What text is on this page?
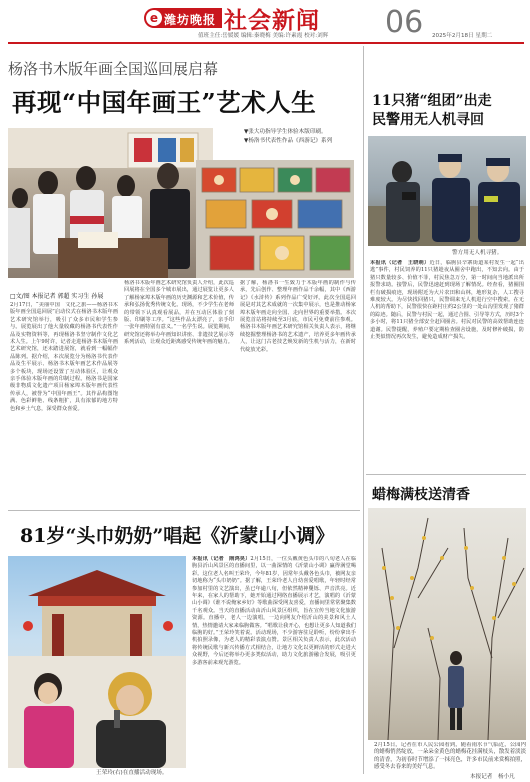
e 潍坊晚报 社会新闻 06
值班主任:岳媛媛 编辑:秦晓梅 美编:许素霞 校对:刘辉	2025年2月18日 星期二
杨洛书木版年画全国巡回展启幕
再现“中国年画王”艺术人生
▼张大功指导学生体验木版印刷。
▼杨洛书代表性作品《西游记》系列
□文/图 本报记者 郭超 实习生 孙展
2月17日，“美丽中国　文化之旅——杨洛书木版年画全国巡回展”启动仪式在杨洛书木版年画艺术研究馆举行，吸引了众多市民和学生参与。展览展出了他大量收藏的杨洛书代表性作品及实物资料等，再现杨洛书坚守制作文化艺术人生。上午9时许，记者走进杨洛书木版年画艺术研究馆，还未踏进展馆，就看到一幅幅作品陈列。据介绍，本次展览分为杨洛书代表作品及生平展示、杨洛书木版年画艺术作品展等多个板块，现场还设置了互动体验区，让观众亲手体验木版年画的印制过程。杨洛书是国家级非物质文化遗产项目杨家埠木版年画代表性传承人，被誉为“中国年画王”。其作品构图饱满、色彩鲜艳、线条粗犷，具有浓郁的地方特色和乡土气息，深受群众喜爱。
杨洛书木版年画艺术研究馆负责人介绍，此次巡回展将在全国多个城市展出，通过展览让更多人了解杨家埠木版年画的历史渊源和艺术价值，传承和弘扬优秀传统文化。现场，不少学生在老师的带领下认真观看展品，并在互动区体验了刻版、印刷等工序。“这些作品太漂亮了，亲手印一张年画特别有意义。”一名学生说。展览期间，研究馆还将举办年画知识讲座、非遗技艺展示等系列活动，让观众近距离感受传统年画的魅力。
据了解，杨洛书一生致力于木版年画的制作与传承，先后创作、整理年画作品千余幅，其中《西游记》《水浒传》系列作品广受好评。此次全国巡回展是对其艺术成就的一次集中展示，也是推动杨家埠木版年画走向全国、走向世界的重要举措。本次展览首站将持续至3月底，市民可免费前往参观。杨洛书木版年画艺术研究馆相关负责人表示，将继续挖掘整理杨洛书的艺术遗产，培养更多年画传承人，让这门古老技艺焕发新的生机与活力，在新时代绽放光彩。
11只猪“组团”出走
民警用无人机寻回
警方用无人机寻猪。
本报讯（记者　王晓萌）近日，临朐县辛寨街道某村发生一起“出逃”事件，村民饲养的11只猪趁夜从圈舍中跑出，不知去向。由于猪只数量较多、价值不菲，村民焦急万分，第一时间向当地派出所报警求助。接警后，民警迅速赶到现场了解情况。经查看，猪圈围栏有破损痕迹，现场附近为大片农田和山林，地形复杂，人工搜寻难度较大。为尽快找回猪只，民警调来无人机进行空中搜索。在无人机的帮助下，民警很快在距村庄约2公里的一处山沟里发现了猪群的踪迹。随后，民警与村民一起，通过合围、引导等方式，历时3个多小时，将11只猪全部安全赶回圈舍。村民对民警的高效帮助连连道谢。民警提醒，养殖户要定期检查圈舍设施，及时修补破损，防止类似情况再次发生，避免造成财产损失。
81岁“头巾奶奶”唱起《沂蒙山小调》
王荣玲(右)在直播活动现场。
本报讯（记者　隋鸿昊）2月15日，一位头戴黄色头巾的八旬老人在临朐县沂山风景区的直播间里，以一曲深情的《沂蒙山小调》赢得满堂喝彩。这位老人名叫王荣玲，今年81岁，因常年头戴各色头巾，被网友亲切地称为“头巾奶奶”。据了解，王荣玲老人自幼喜爱唱歌，年轻时经常参加村里的文艺演出，虽已年逾八旬，但依然精神矍铄、声音洪亮。近年来，在家人的帮助下，她开始通过网络直播展示才艺，演唱的《沂蒙山小调》《谁不说俺家乡好》等歌曲深受网友喜爱，直播间里常常聚集数千名观众。当天的直播活动由沂山风景区组织，旨在宣传当地文化旅游资源。直播中，老人一边演唱，一边向网友介绍沂山的美景和风土人情，热情邀请大家来临朐做客。“唱歌让我开心，也想让更多人知道我们临朐的好。”王荣玲笑着说。活动现场，不少游客驻足聆听，纷纷拿出手机拍照录像，为老人的精彩表演点赞。景区相关负责人表示，此次活动将传统民歌与新兴传播方式相结合，让地方文化以更鲜活的形式走进大众视野，今后还将举办更多类似活动，助力文化旅游融合发展，吸引更多游客前来观光游览。
蜡梅满枝送清香
2月15日，记者在市人民公园看到，随着雨水节气临近，公园内的蜡梅悄然绽放，一朵朵金黄色的蜡梅花挂满枝头，散发着淡淡的清香，为初春时节增添了一抹亮色，许多市民前来赏梅拍照，感受冬去春来的美好气息。
本报记者　杨小凡
